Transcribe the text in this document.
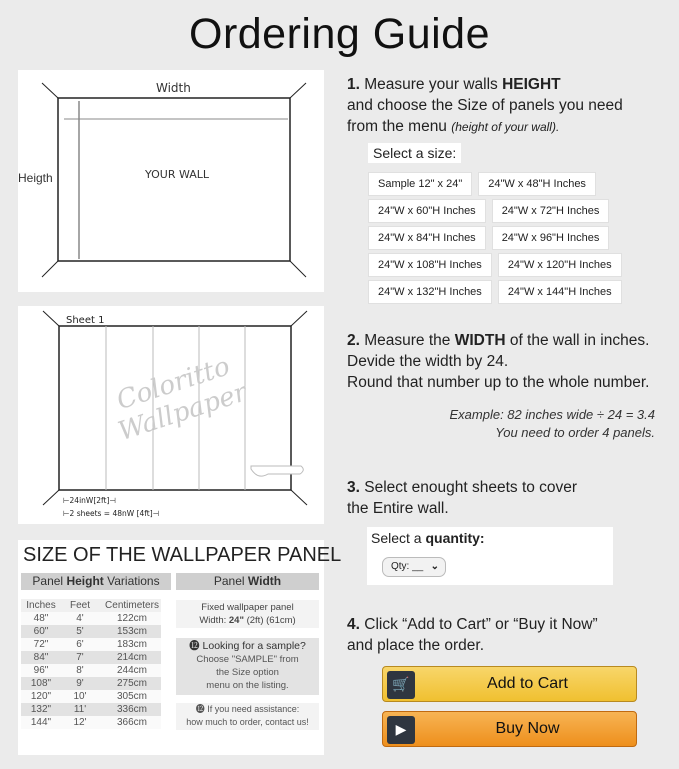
Ordering Guide
Width
Heigth	YOUR WALL
Coloritto Wallpaper
Sheet 1
⊢24inW[2ft]⊣
⊢2 sheets = 48nW [4ft]⊣
SIZE OF THE WALLPAPER PANEL
Panel Height Variations	Panel Width
Inches	Feet	Centimeters
48"	4'	122cm
60"	5'	153cm
72"	6'	183cm
84"	7'	214cm
96"	8'	244cm
108"	9'	275cm
120"	10'	305cm
132"	11'	336cm
144"	12'	366cm
Fixed wallpaper panel
Width: 24" (2ft) (61cm)
⓬ Looking for a sample?
Choose "SAMPLE" from
the Size option
menu on the listing.
⓬ If you need assistance:
how much to order, contact us!
1. Measure your walls HEIGHT
and choose the Size of panels you need
from the menu (height of your wall).
Select a size:
Sample 12" x 24"	24"W x 48"H Inches
24"W x 60"H Inches	24"W x 72"H Inches
24"W x 84"H Inches	24"W x 96"H Inches
24"W x 108"H Inches	24"W x 120"H Inches
24"W x 132"H Inches	24"W x 144"H Inches
2. Measure the WIDTH of the wall in inches.
Devide the width by 24.
Round that number up to the whole number.
Example: 82 inches wide ÷ 24 = 3.4
You need to order 4 panels.
3. Select enought sheets to cover
the Entire wall.
Select a quantity:
Qty: __ ⌄
4. Click “Add to Cart” or “Buy it Now”
and place the order.
🛒	Add to Cart
▶	Buy Now
